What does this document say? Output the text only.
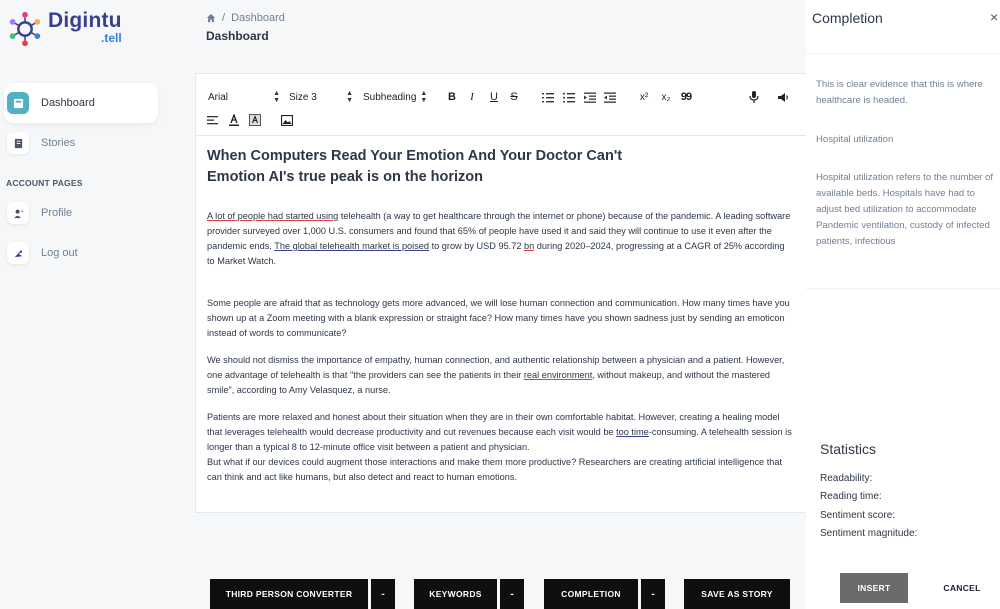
Digintu
.tell
Dashboard
Stories
ACCOUNT PAGES
Profile
Log out
/ Dashboard
Dashboard
Arial	▲
▼ Size 3	▲
▼ Subheading ▲
▼	B	I	U	S	x²	x₂ 99
When Computers Read Your Emotion And Your Doctor Can't
Emotion AI's true peak is on the horizon

A lot of people had started using telehealth (a way to get healthcare through the internet or phone) because of the pandemic. A leading software provider surveyed over 1,000 U.S. consumers and found that 65% of people have used it and said they will continue to use it even after the pandemic ends. The global telehealth market is poised to grow by USD 95.72 bn during 2020–2024, progressing at a CAGR of 25% according to Market Watch.

Some people are afraid that as technology gets more advanced, we will lose human connection and communication. How many times have you shown up at a Zoom meeting with a blank expression or straight face? How many times have you shown sadness just by sending an emoticon instead of words to communicate?

We should not dismiss the importance of empathy, human connection, and authentic relationship between a physician and a patient. However, one advantage of telehealth is that "the providers can see the patients in their real environment, without makeup, and without the mastered smile", according to Amy Velasquez, a nurse.

Patients are more relaxed and honest about their situation when they are in their own comfortable habitat. However, creating a healing model that leverages telehealth would decrease productivity and cut revenues because each visit would be too time-consuming. A telehealth session is longer than a typical 8 to 12-minute office visit between a patient and physician.
But what if our devices could augment those interactions and make them more productive? Researchers are creating artificial intelligence that can think and act like humans, but also detect and react to human emotions.

THIRD PERSON CONVERTER	-	KEYWORDS	-	COMPLETION	-	SAVE AS STORY
Completion	×
This is clear evidence that this is where healthcare is headed.
Hospital utilization
Hospital utilization refers to the number of available beds. Hospitals have had to adjust bed utilization to accommodate Pandemic ventilation, custody of infected patients, infectious
Statistics
Readability:
Reading time:
Sentiment score:
Sentiment magnitude:
INSERT	CANCEL
